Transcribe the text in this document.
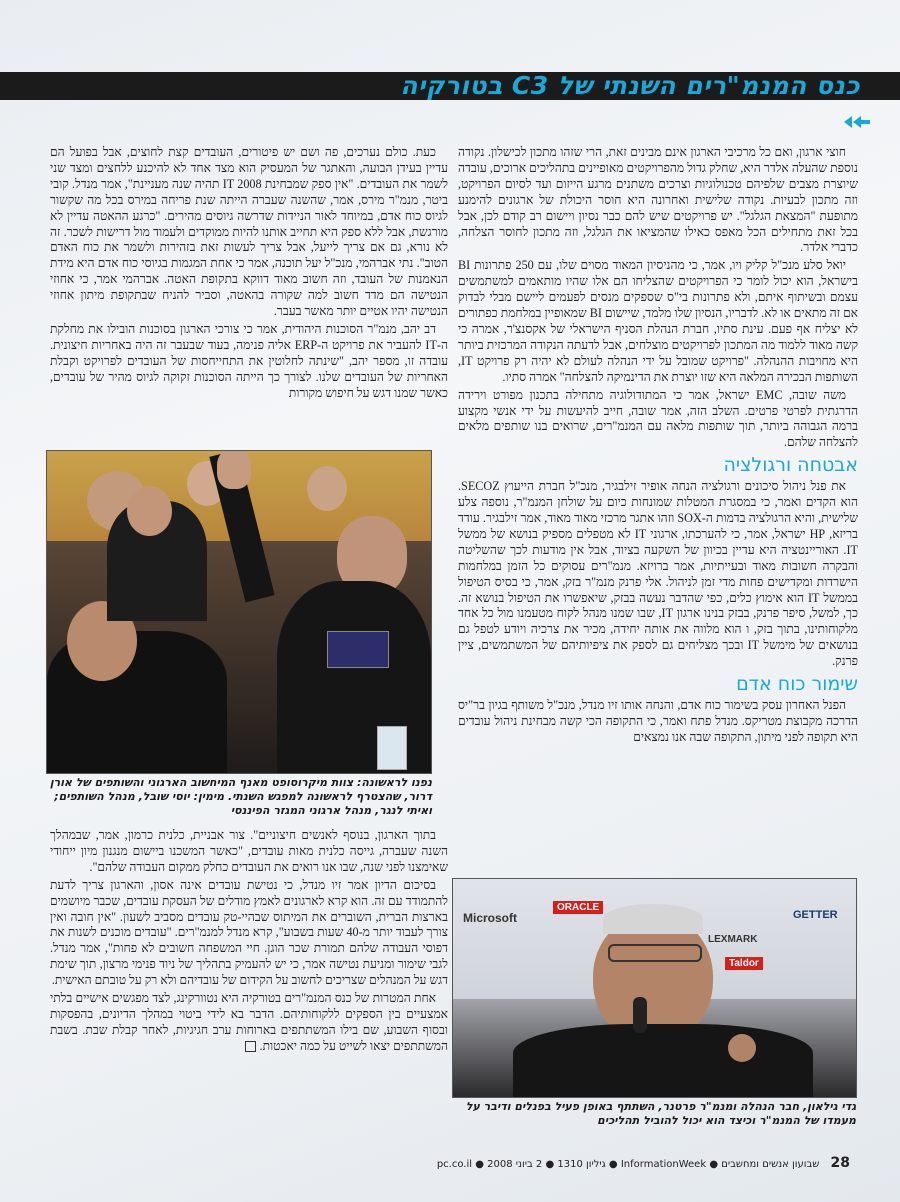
כנס המנמ"רים השנתי של C3 בטורקיה

חוצי ארגון, ואם כל מרכיבי הארגון אינם מבינים זאת, הרי שזהו מתכון לכישלון. נקודה נוספת שהעלה אלדר היא, שחלק גדול מהפרויקטים מאופיינים בתהליכים ארוכים, עובדה שיוצרת מצבים שלפיהם טכנולוגיות וצרכים משתנים מרגע הייזום ועד לסיום הפרויקט, וזה מתכון לבעיות. נקודה שלישית ואחרונה היא חוסר היכולת של ארגונים להימנע מתופעת "המצאת הגלגל". יש פרויקטים שיש להם כבר נסיון ויישום רב קודם לכן, אבל בכל זאת מתחילים הכל מאפס כאילו שהמציאו את הגלגל, וזה מתכון לחוסר הצלחה, כדברי אלדר.

יואל סלע מנכ"ל קליק ויו, אמר, כי מהניסיון המאוד מסוים שלו, עם 250 פתרונות BI בישראל, הוא יכול לומר כי הפרויקטים שהצליחו הם אלו שהיו מותאמים למשתמשים עצמם ובשיתוף איתם, ולא פתרונות בי"ס שספקים מנסים לפעמים ליישם מבלי לבדוק אם זה מתאים או לא. לדבריו, הנסיון שלו מלמד, שיישום BI שמאופיין במלחמת כפתורים לא יצליח אף פעם. עינת סתיו, חברת הנהלת הסניף הישראלי של אקסנצ'ר, אמרה כי קשה מאוד ללמוד מה המתכון לפרויקטים מוצלחים, אבל לדעתה הנקודה המרכזית ביותר היא מחויבות ההנהלה. "פרויקט שמובל על ידי הנהלה לעולם לא יהיה רק פרויקט IT, השותפות הבכירה המלאה היא שזו יוצרת את הדינמיקה להצלחה" אמרה סתיו.

משה שובה, EMC ישראל, אמר כי המתודולוגיה מתחילה בתכנון מפורט וירידה הדרגתית לפרטי פרטים. השלב הזה, אמר שובה, חייב להיעשות על ידי אנשי מקצוע ברמה הגבוהה ביותר, תוך שותפות מלאה עם המנמ"רים, שרואים בנו שותפים מלאים להצלחה שלהם.

אבטחה ורגולציה

את פנל ניהול סיכונים ורגולציה הנחה אופיר זילבגיר, מנכ"ל חברת הייעוץ SECOZ. הוא הקדים ואמר, כי במסגרת המטלות שמונחות כיום על שולחן המנמ"ר, נוספה צלע שלישית, והיא הרגולציה בדמות ה-SOX וזהו אתגר מרכזי מאוד מאוד, אמר זילבגיר. עודד בריזא, HP ישראל, אמר, כי להערכתו, ארגוני IT לא מטפלים מספיק בנושא של ממשל IT. האוריינטציה היא עדיין בכיוון של השקעה בציוד, אבל אין מודעות לכך שהשליטה והבקרה חשובות מאוד ובעייתיות, אמר ברויזא. מנמ"רים עסוקים כל הזמן במלחמות הישרדות ומקדישים פחות מדי זמן לניהול. אלי פרנק מנמ"ר בזק, אמר, כי בסיס הטיפול בממשל IT הוא אימוץ כלים, כפי שהדבר נעשה בבזק, שיאפשרו את הטיפול בנושא זה. כך, למשל, סיפר פרנק, בבזק בנינו ארגון IT, שבו שמנו מנהל לקוח מטעמנו מול כל אחד מלקוחותינו, בתוך בזק, ו הוא מלווה את אותה יחידה, מכיר את צרכיה ויודע לטפל גם בנושאים של מימשל IT ובכך מצליחים גם לספק את ציפיותיהם של המשתמשים, ציין פרנק.

שימור כוח אדם

הפנל האחרון עסק בשימור כוח אדם, והנחה אותו זיו מנדל, מנכ"ל משותף בגיון בר"יס הדרכה מקבוצת מטריקס. מנדל פתח ואמר, כי התקופה הכי קשה מבחינת ניהול עובדים היא תקופה לפני מיתון, התקופה שבה אנו נמצאים

כעת. כולם נערכים, פה ושם יש פיטורים, העובדים קצת לחוצים, אבל בפועל הם עדיין בעידן הבועה, והאתגר של המעסיק הוא מצד אחד לא להיכנע ללחצים ומצד שני לשמר את העובדים. "אין ספק שמבחינת IT 2008 תהיה שנה מעניינת", אמר מנדל. קובי ביטר, מנמ"ר מירס, אמר, שהשנה שעברה הייתה שנת פריחה במירס בכל מה שקשור לגיוס כוח אדם, במיוחד לאור הניידות שדרשה גיוסים מהירים. "כרגע ההאטה עדיין לא מורגשת, אבל ללא ספק היא תחייב אותנו להיות ממוקדים ולעמוד מול דרישות לשכר. זה לא נורא, גם אם צריך לייעל, אבל צריך לעשות זאת בזהירות ולשמר את כוח האדם הטוב". נתי אברהמי, מנכ"ל יעל תוכנה, אמר כי אחת המגמות בגיוסי כוח אדם היא מידת הנאמנות של העובד, וזה חשוב מאוד דווקא בתקופת האטה. אברהמי אמר, כי אחוזי הנטישה הם מדד חשוב למה שקורה בהאטה, וסביר להניח שבתקופת מיתון אחוזי הנטישה יהיו אטיים יותר מאשר בעבר.

דב יהב, מנמ"ר הסוכנות היהודית, אמר כי צורכי הארגון בסוכנות הובילו את מחלקת ה-IT להעביר את פרויקט ה-ERP אליה פנימה, בעוד שבעבר זה היה באחריות חיצונית. עובדה זו, מספר יהב, "שינתה לחלוטין את התחייחסות של העובדים לפרויקט וקבלת האחריות של העובדים שלנו. לצורך כך הייתה הסוכנות זקוקה לגיוס מהיר של עובדים, כאשר שמנו דגש על חיפוש מקורות

נפנו לראשונה: צוות מיקרוסופט מאנף המיחשוב הארגוני והשותפים של אורן דרור, שהצטרף לראשונה למפגש השנתי. מימין: יוסי שובל, מנהל השותפים; ואיתי לנגר, מנהל ארגוני המגזר הפיננסי

בתוך הארגון, בנוסף לאנשים חיצוניים". צור אבניית, כלנית כרמון, אמר, שבמהלך השנה שעברה, גייסה כלנית מאות עובדים, "כאשר המשכנו ביישום מנגנון מיון ייחודי שאימצנו לפני שנה, שבו אנו רואים את העובדים כחלק ממקום העבודה שלהם".

בסיכום הדיון אמר זיו מנדל, כי נטישת עובדים אינה אסון, והארגון צריך לדעת להתמודד עם זה. הוא קרא לארגונים לאמץ מודלים של העסקת עובדים, שכבר מיושמים בארצות הברית, השוברים את המיתוס שבהיי-טק עובדים מסביב לשעון. "אין חובה ואין צורך לעבוד יותר מ-40 שעות בשבוע", קרא מנדל למנמ"רים. "עובדים מוכנים לשנות את דפוסי העבודה שלהם תמורת שכר הוגן. חיי המשפחה חשובים לא פחות", אמר מנדל. לגבי שימור ומניעת נטישה אמר, כי יש להעמיק בתהליך של ניוד פנימי מרצון, תוך שימת דגש על המנהלים שצריכים לחשוב על הקידום של עובדיהם ולא רק על טובתם האישית.

אחת המטרות של כנס המנמ"רים בטורקיה היא נטוורקינג, לצד מפגשים אישיים בלתי אמצעיים בין הספקים ללקוחותיהם. הדבר בא לידי ביטוי במהלך הדיונים, בהפסקות ובסוף השבוע, שם בילו המשתתפים בארוחות ערב חגיגיות, לאחר קבלת שבת. בשבת המשתתפים יצאו לשייט על כמה יאכטות.

ORACLE
Microsoft
LEXMARK
GETTER
Taldor
גדי גילאון, חבר הנהלה ומנמ"ר פרטנר, השתתף באופן פעיל בפנלים ודיבר על מעמדו של המנמ"ר וכיצד הוא יכול להוביל תהליכים
28 שבועון אנשים ומחשבים ● InformationWeek ● גיליון 1310 ● 2 ביוני 2008 ● pc.co.il
